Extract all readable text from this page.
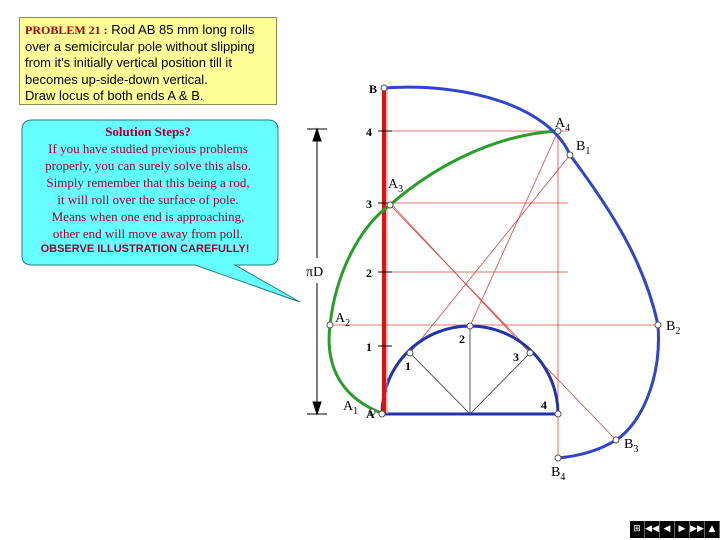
PROBLEM 21 : Rod AB 85 mm long rolls
over a semicircular pole without slipping
from it's initially vertical position till it
becomes up-side-down vertical.
Draw locus of both ends A & B.
Solution Steps?
If you have studied previous problems
properly, you can surely solve this also.
Simply remember that this being a rod,
it will roll over the surface of pole.
Means when one end is approaching,
other end will move away from poll.
OBSERVE ILLUSTRATION CAREFULLY!
πD
B
$A_4$
$B_1$
$A_3$
$A_2$	$B_2$
$A_1$ A
$B_3$
$B_4$
4
3
2
1
1
2
3
4
⊞ ◀◀ ◀ ▶ ▶▶ ▲
